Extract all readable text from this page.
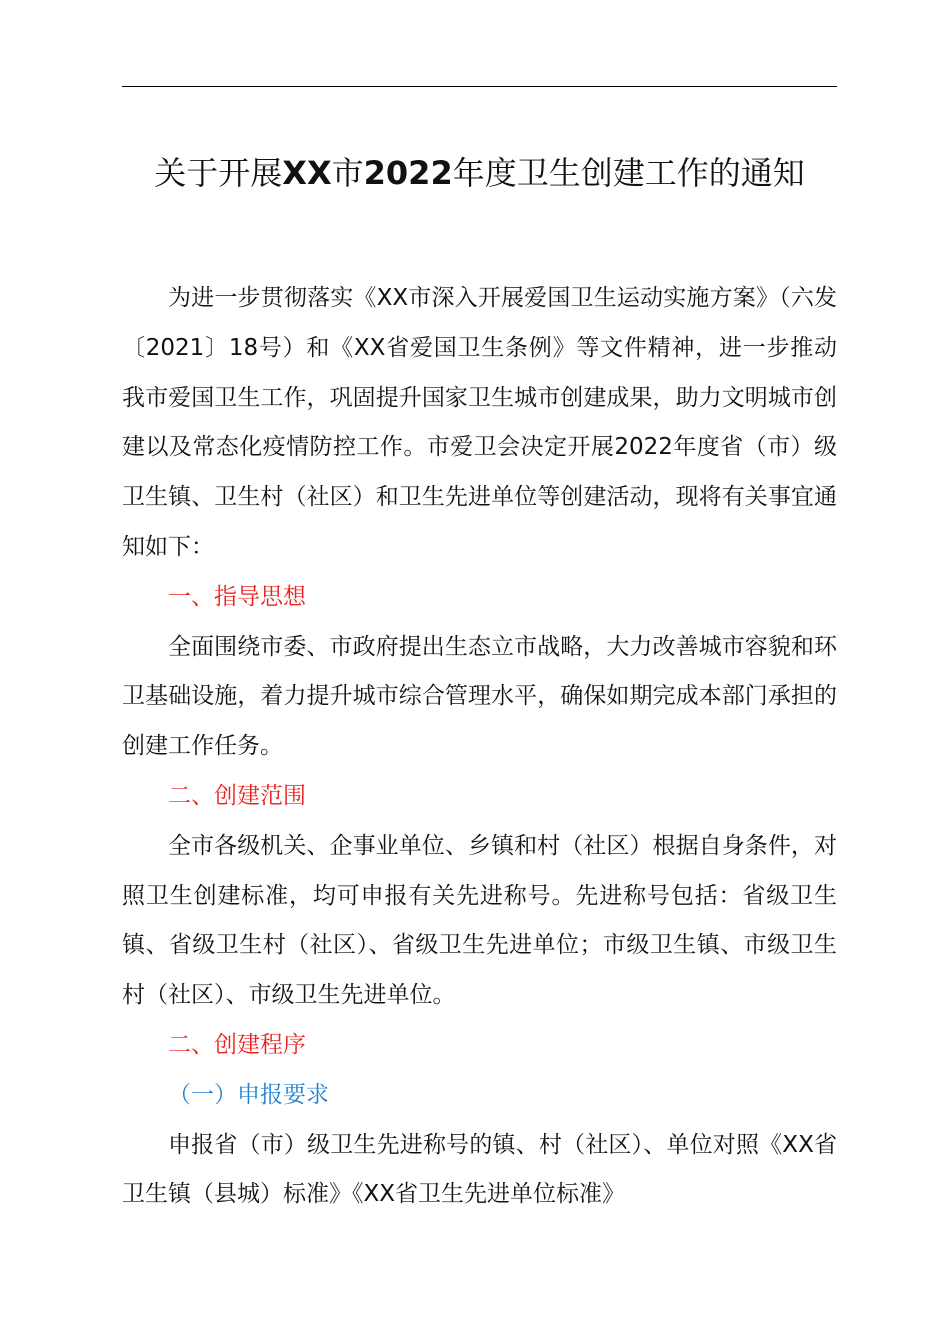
关于开展XX市2022年度卫生创建工作的通知

为进一步贯彻落实《XX市深入开展爱国卫生运动实施方案》（六发〔2021〕18号）和《XX省爱国卫生条例》等文件精神，进一步推动我市爱国卫生工作，巩固提升国家卫生城市创建成果，助力文明城市创建以及常态化疫情防控工作。市爱卫会决定开展2022年度省（市）级卫生镇、卫生村（社区）和卫生先进单位等创建活动，现将有关事宜通知如下：

一、指导思想

全面围绕市委、市政府提出生态立市战略，大力改善城市容貌和环卫基础设施，着力提升城市综合管理水平，确保如期完成本部门承担的创建工作任务。

二、创建范围

全市各级机关、企事业单位、乡镇和村（社区）根据自身条件，对照卫生创建标准，均可申报有关先进称号。先进称号包括：省级卫生镇、省级卫生村（社区）、省级卫生先进单位；市级卫生镇、市级卫生村（社区）、市级卫生先进单位。

二、创建程序

（一）申报要求

申报省（市）级卫生先进称号的镇、村（社区）、单位对照《XX省卫生镇（县城）标准》《XX省卫生先进单位标准》
